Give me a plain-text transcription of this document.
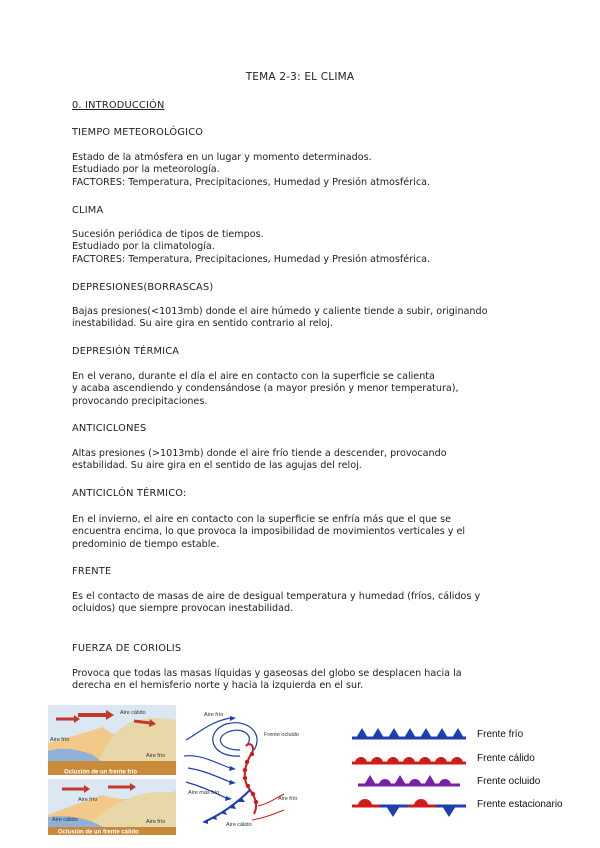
TEMA 2-3: EL CLIMA
0. INTRODUCCIÓN
TIEMPO METEOROLÓGICO
Estado de la atmósfera en un lugar y momento determinados.
Estudiado por la meteorología.
FACTORES: Temperatura, Precipitaciones, Humedad y Presión atmosférica.
CLIMA
Sucesión periódica de tipos de tiempos.
Estudiado por la climatología.
FACTORES: Temperatura, Precipitaciones, Humedad y Presión atmosférica.
DEPRESIONES(BORRASCAS)
Bajas presiones(<1013mb) donde el aire húmedo y caliente tiende a subir, originando
inestabilidad. Su aire gira en sentido contrario al reloj.
DEPRESIÓN TÉRMICA
En el verano, durante el día el aire en contacto con la superficie se calienta
y acaba ascendiendo y condensándose (a mayor presión y menor temperatura),
provocando precipitaciones.
ANTICICLONES
Altas presiones (>1013mb) donde el aire frío tiende a descender, provocando
estabilidad. Su aire gira en el sentido de las agujas del reloj.
ANTICICLÓN TÉRMICO:
En el invierno, el aire en contacto con la superficie se enfría más que el que se
encuentra encima, lo que provoca la imposibilidad de movimientos verticales y el
predominio de tiempo estable.
FRENTE
Es el contacto de masas de aire de desigual temperatura y humedad (fríos, cálidos y
ocluidos) que siempre provocan inestabilidad.
FUERZA DE CORIOLIS
Provoca que todas las masas líquidas y gaseosas del globo se desplacen hacia la
derecha en el hemisferio norte y hacia la izquierda en el sur.
Aire cálido
Aire frío
Aire frío
Oclusión de un frente frío
Aire frío
Aire cálido	Aire frío
Oclusión de un frente cálido
Aire frío
Frente ocluido
Aire más frío
Aire frío
Aire cálido
Frente frío
Frente cálido
Frente ocluido
Frente estacionario
